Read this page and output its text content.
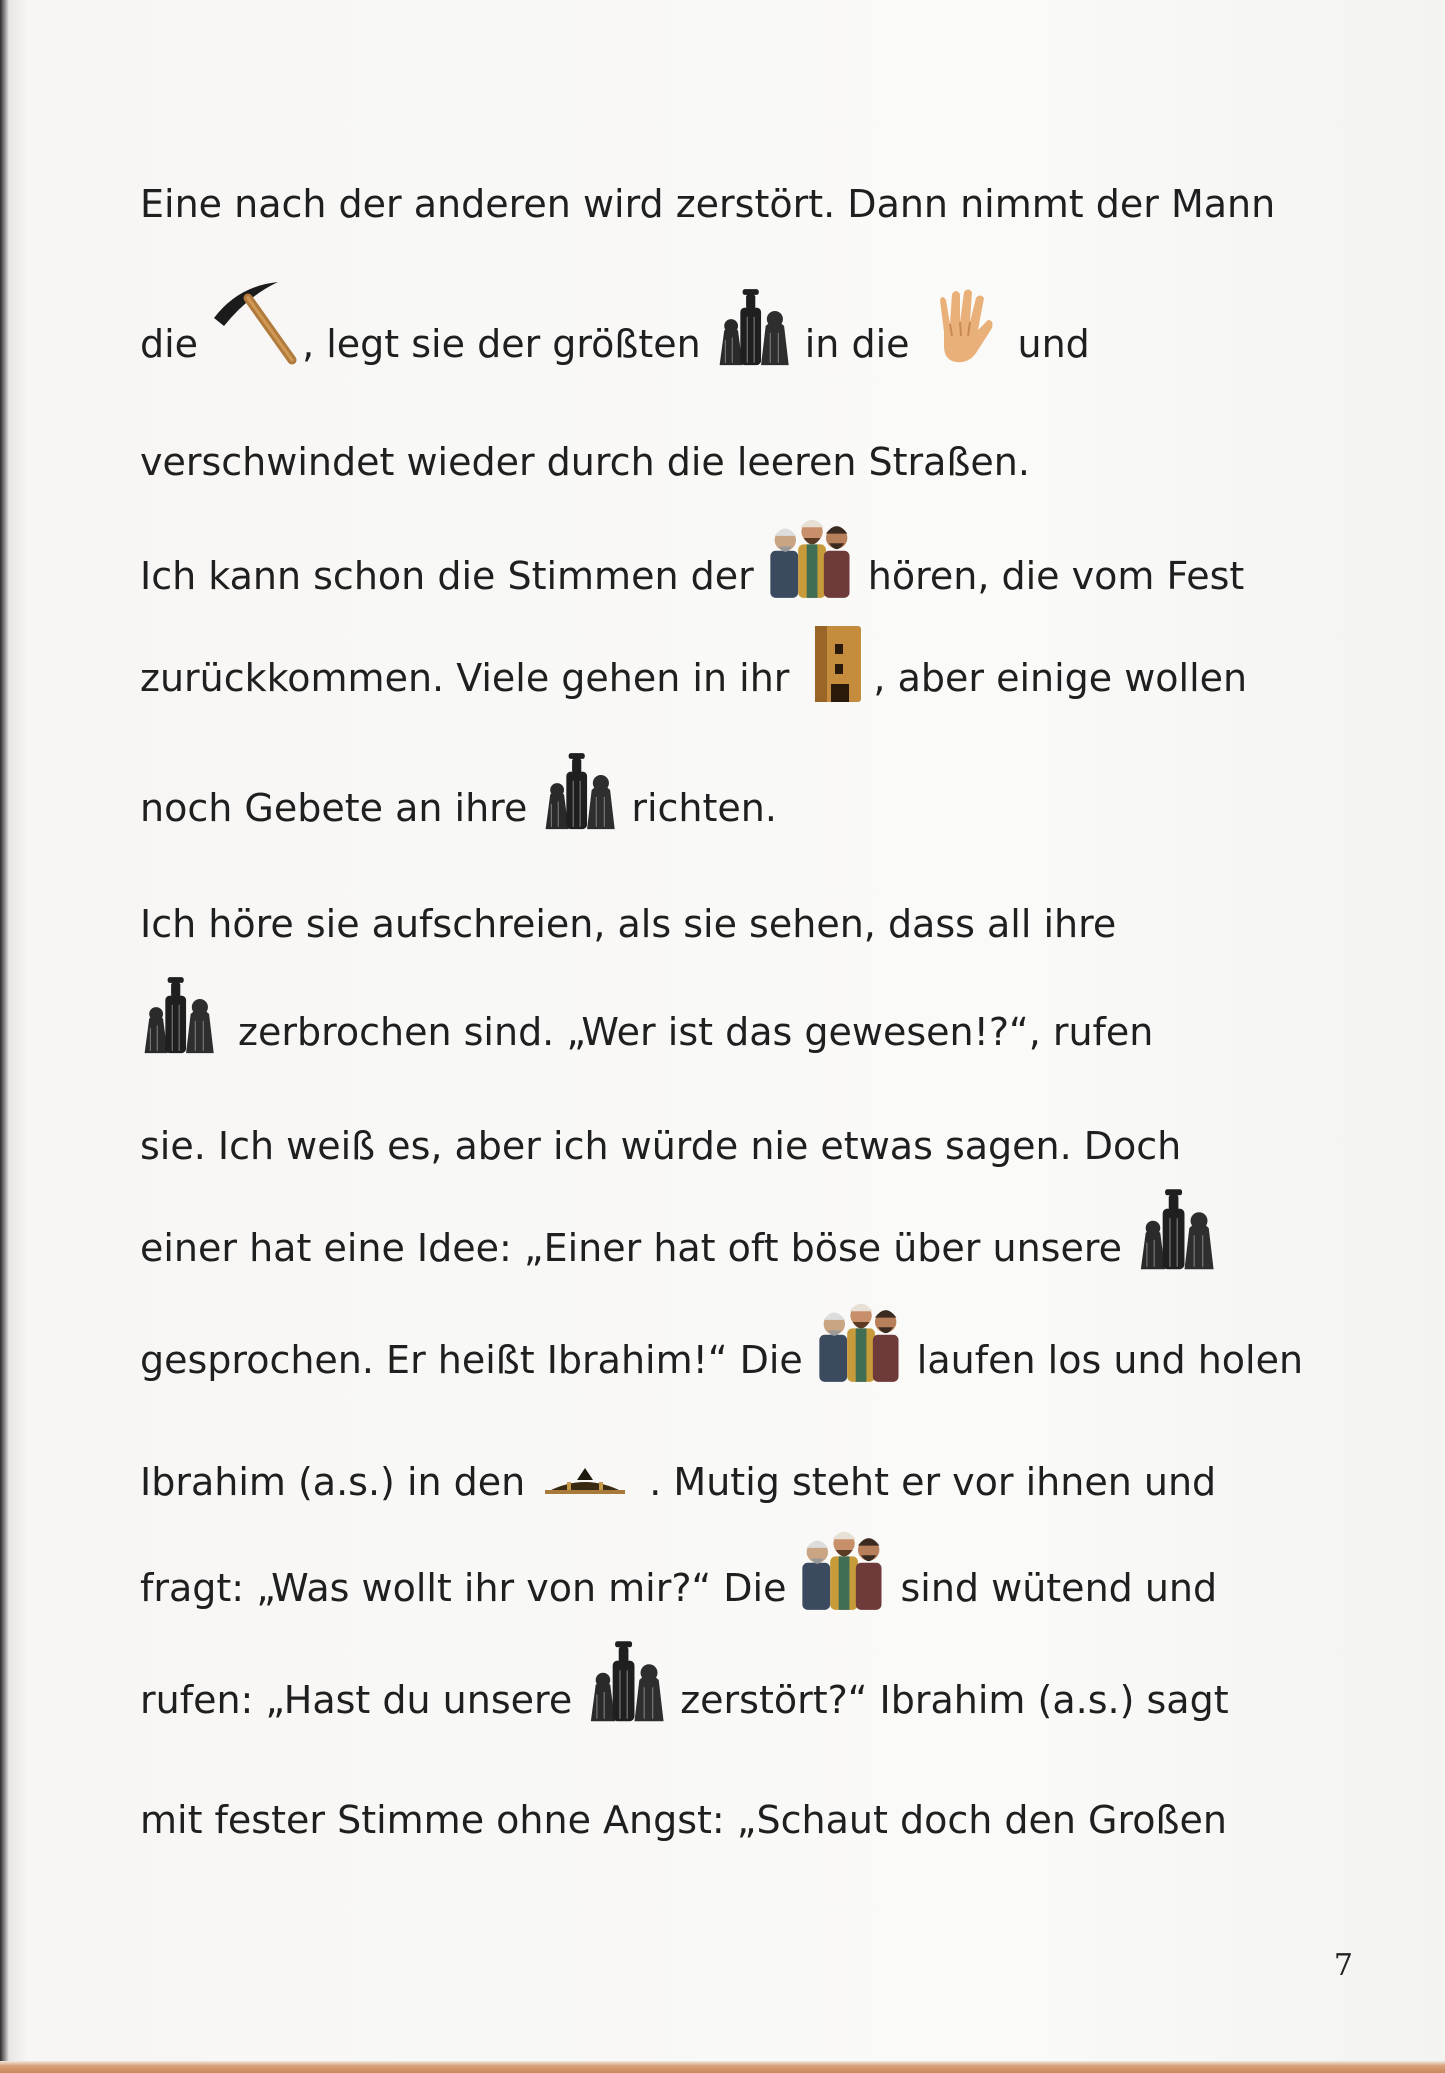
Eine nach der anderen wird zerstört. Dann nimmt der Mann
die	, legt sie der größten	in die	und
verschwindet wieder durch die leeren Straßen.
Ich kann schon die Stimmen der	hören, die vom Fest
zurückkommen. Viele gehen in ihr , aber einige wollen
noch Gebete an ihre	richten.
Ich höre sie aufschreien, als sie sehen, dass all ihre
zerbrochen sind. „Wer ist das gewesen!?“, rufen
sie. Ich weiß es, aber ich würde nie etwas sagen. Doch
einer hat eine Idee: „Einer hat oft böse über unsere
gesprochen. Er heißt Ibrahim!“ Die	laufen los und holen
Ibrahim (a.s.) in den	. Mutig steht er vor ihnen und
fragt: „Was wollt ihr von mir?“ Die	sind wütend und
rufen: „Hast du unsere	zerstört?“ Ibrahim (a.s.) sagt
mit fester Stimme ohne Angst: „Schaut doch den Großen
7
